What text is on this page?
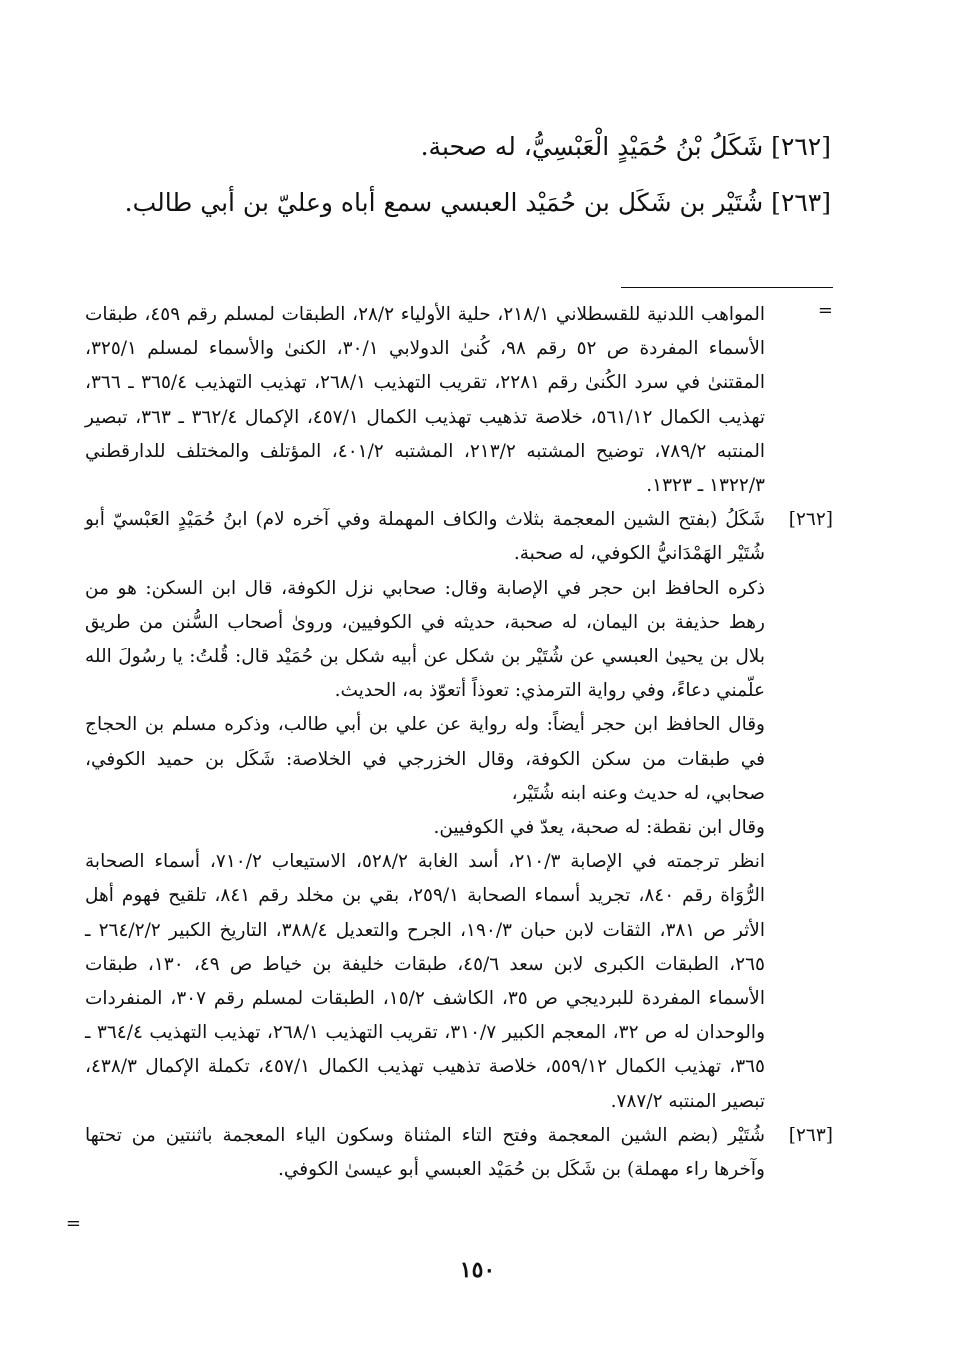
[٢٦٢] شَكَلُ بْنُ حُمَيْدٍ الْعَبْسِيُّ، له صحبة.

[٢٦٣] شُتَيْر بن شَكَل بن حُمَيْد العبسي سمع أباه وعليّ بن أبي طالب.

=

المواهب اللدنية للقسطلاني ٢١٨/١، حلية الأولياء ٢٨/٢، الطبقات لمسلم رقم ٤٥٩، طبقات الأسماء المفردة ص ٥٢ رقم ٩٨، كُنىٰ الدولابي ٣٠/١، الكنىٰ والأسماء لمسلم ٣٢٥/١، المقتنىٰ في سرد الكُنىٰ رقم ٢٢٨١، تقريب التهذيب ٢٦٨/١، تهذيب التهذيب ٣٦٥/٤ ـ ٣٦٦، تهذيب الكمال ٥٦١/١٢، خلاصة تذهيب تهذيب الكمال ٤٥٧/١، الإكمال ٣٦٢/٤ ـ ٣٦٣، تبصير المنتبه ٧٨٩/٢، توضيح المشتبه ٢١٣/٢، المشتبه ٤٠١/٢، المؤتلف والمختلف للدارقطني ١٣٢٢/٣ ـ ١٣٢٣.

[٢٦٢]

شَكَلُ (بفتح الشين المعجمة بثلاث والكاف المهملة وفي آخره لام) ابنُ حُمَيْدٍ العَبْسيّ أبو شُتَيْر الهَمْدَانيُّ الكوفي، له صحبة.

ذكره الحافظ ابن حجر في الإصابة وقال: صحابي نزل الكوفة، قال ابن السكن: هو من رهط حذيفة بن اليمان، له صحبة، حديثه في الكوفيين، وروىٰ أصحاب السُّنن من طريق بلال بن يحيىٰ العبسي عن شُتَيْر بن شكل عن أبيه شكل بن حُمَيْد قال: قُلتُ: يا رسُولَ الله علّمني دعاءً، وفي رواية الترمذي: تعوذاً أتعوّذ به، الحديث.

وقال الحافظ ابن حجر أيضاً: وله رواية عن علي بن أبي طالب، وذكره مسلم بن الحجاج في طبقات من سكن الكوفة، وقال الخزرجي في الخلاصة: شَكَل بن حميد الكوفي، صحابي، له حديث وعنه ابنه شُتَيْر،

وقال ابن نقطة: له صحبة، يعدّ في الكوفيين.

انظر ترجمته في الإصابة ٢١٠/٣، أسد الغابة ٥٢٨/٢، الاستيعاب ٧١٠/٢، أسماء الصحابة الرُّوَاة رقم ٨٤٠، تجريد أسماء الصحابة ٢٥٩/١، بقي بن مخلد رقم ٨٤١، تلقيح فهوم أهل الأثر ص ٣٨١، الثقات لابن حبان ١٩٠/٣، الجرح والتعديل ٣٨٨/٤، التاريخ الكبير ٢٦٤/٢/٢ ـ ٢٦٥، الطبقات الكبرى لابن سعد ٤٥/٦، طبقات خليفة بن خياط ص ٤٩، ١٣٠، طبقات الأسماء المفردة للبرديجي ص ٣٥، الكاشف ١٥/٢، الطبقات لمسلم رقم ٣٠٧، المنفردات والوحدان له ص ٣٢، المعجم الكبير ٣١٠/٧، تقريب التهذيب ٢٦٨/١، تهذيب التهذيب ٣٦٤/٤ ـ ٣٦٥، تهذيب الكمال ٥٥٩/١٢، خلاصة تذهيب تهذيب الكمال ٤٥٧/١، تكملة الإكمال ٤٣٨/٣، تبصير المنتبه ٧٨٧/٢.

[٢٦٣]

شُتَيْر (بضم الشين المعجمة وفتح التاء المثناة وسكون الياء المعجمة باثنتين من تحتها وآخرها راء مهملة) بن شَكَل بن حُمَيْد العبسي أبو عيسىٰ الكوفي.

=
١٥٠
